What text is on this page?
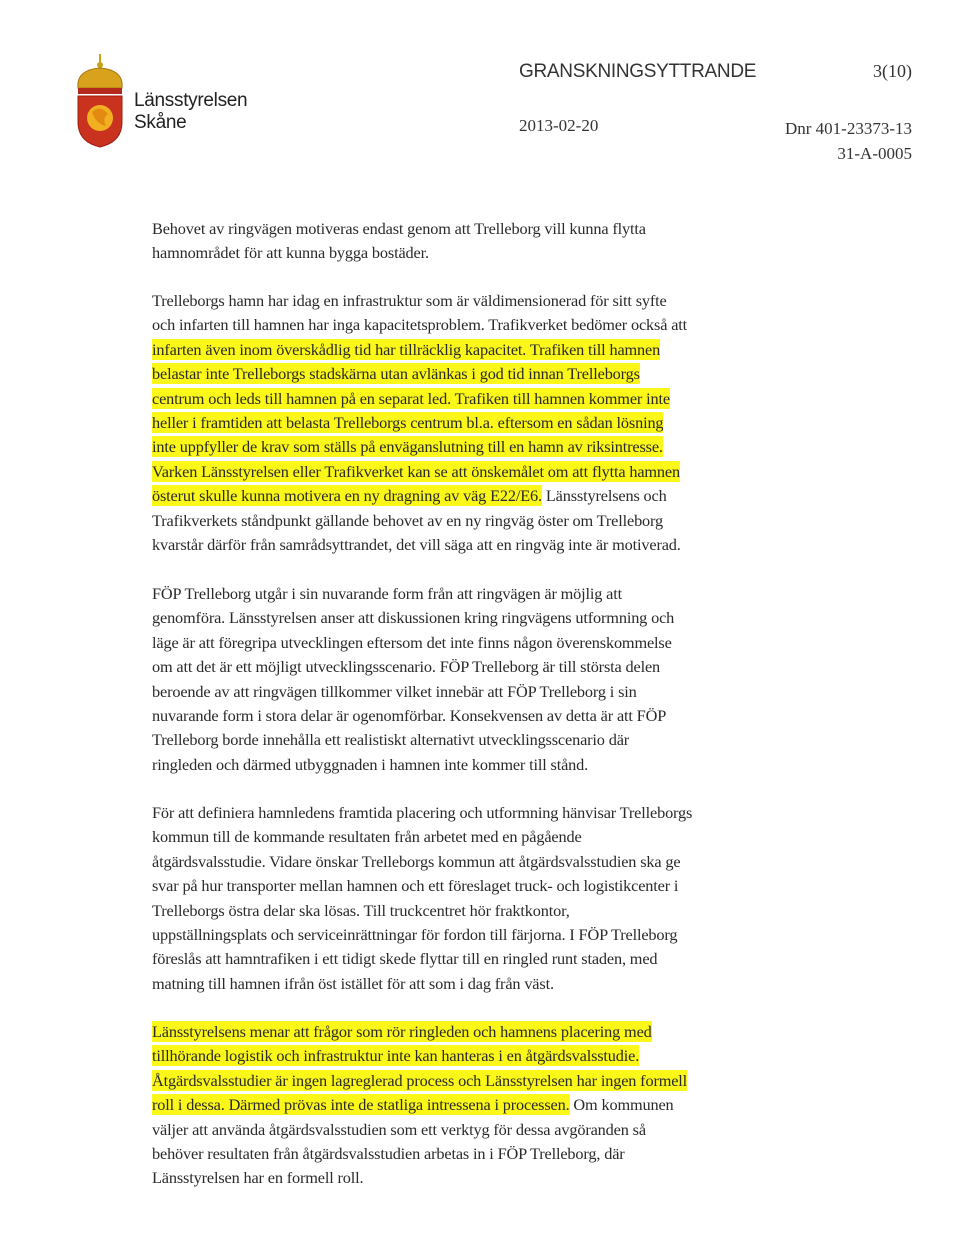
Länsstyrelsen
Skåne
GRANSKNINGSYTTRANDE	3(10)
2013-02-20	Dnr 401-23373-13
31-A-0005
Behovet av ringvägen motiveras endast genom att Trelleborg vill kunna flytta
hamnområdet för att kunna bygga bostäder.
Trelleborgs hamn har idag en infrastruktur som är väldimensionerad för sitt syfte
och infarten till hamnen har inga kapacitetsproblem. Trafikverket bedömer också att
infarten även inom överskådlig tid har tillräcklig kapacitet. Trafiken till hamnen
belastar inte Trelleborgs stadskärna utan avlänkas i god tid innan Trelleborgs
centrum och leds till hamnen på en separat led. Trafiken till hamnen kommer inte
heller i framtiden att belasta Trelleborgs centrum bl.a. eftersom en sådan lösning
inte uppfyller de krav som ställs på enväganslutning till en hamn av riksintresse.
Varken Länsstyrelsen eller Trafikverket kan se att önskemålet om att flytta hamnen
österut skulle kunna motivera en ny dragning av väg E22/E6. Länsstyrelsens och
Trafikverkets ståndpunkt gällande behovet av en ny ringväg öster om Trelleborg
kvarstår därför från samrådsyttrandet, det vill säga att en ringväg inte är motiverad.
FÖP Trelleborg utgår i sin nuvarande form från att ringvägen är möjlig att
genomföra. Länsstyrelsen anser att diskussionen kring ringvägens utformning och
läge är att föregripa utvecklingen eftersom det inte finns någon överenskommelse
om att det är ett möjligt utvecklingsscenario. FÖP Trelleborg är till största delen
beroende av att ringvägen tillkommer vilket innebär att FÖP Trelleborg i sin
nuvarande form i stora delar är ogenomförbar. Konsekvensen av detta är att FÖP
Trelleborg borde innehålla ett realistiskt alternativt utvecklingsscenario där
ringleden och därmed utbyggnaden i hamnen inte kommer till stånd.
För att definiera hamnledens framtida placering och utformning hänvisar Trelleborgs
kommun till de kommande resultaten från arbetet med en pågående
åtgärdsvalsstudie. Vidare önskar Trelleborgs kommun att åtgärdsvalsstudien ska ge
svar på hur transporter mellan hamnen och ett föreslaget truck- och logistikcenter i
Trelleborgs östra delar ska lösas. Till truckcentret hör fraktkontor,
uppställningsplats och serviceinrättningar för fordon till färjorna. I FÖP Trelleborg
föreslås att hamntrafiken i ett tidigt skede flyttar till en ringled runt staden, med
matning till hamnen ifrån öst istället för att som i dag från väst.
Länsstyrelsens menar att frågor som rör ringleden och hamnens placering med
tillhörande logistik och infrastruktur inte kan hanteras i en åtgärdsvalsstudie.
Åtgärdsvalsstudier är ingen lagreglerad process och Länsstyrelsen har ingen formell
roll i dessa. Därmed prövas inte de statliga intressena i processen. Om kommunen
väljer att använda åtgärdsvalsstudien som ett verktyg för dessa avgöranden så
behöver resultaten från åtgärdsvalsstudien arbetas in i FÖP Trelleborg, där
Länsstyrelsen har en formell roll.
